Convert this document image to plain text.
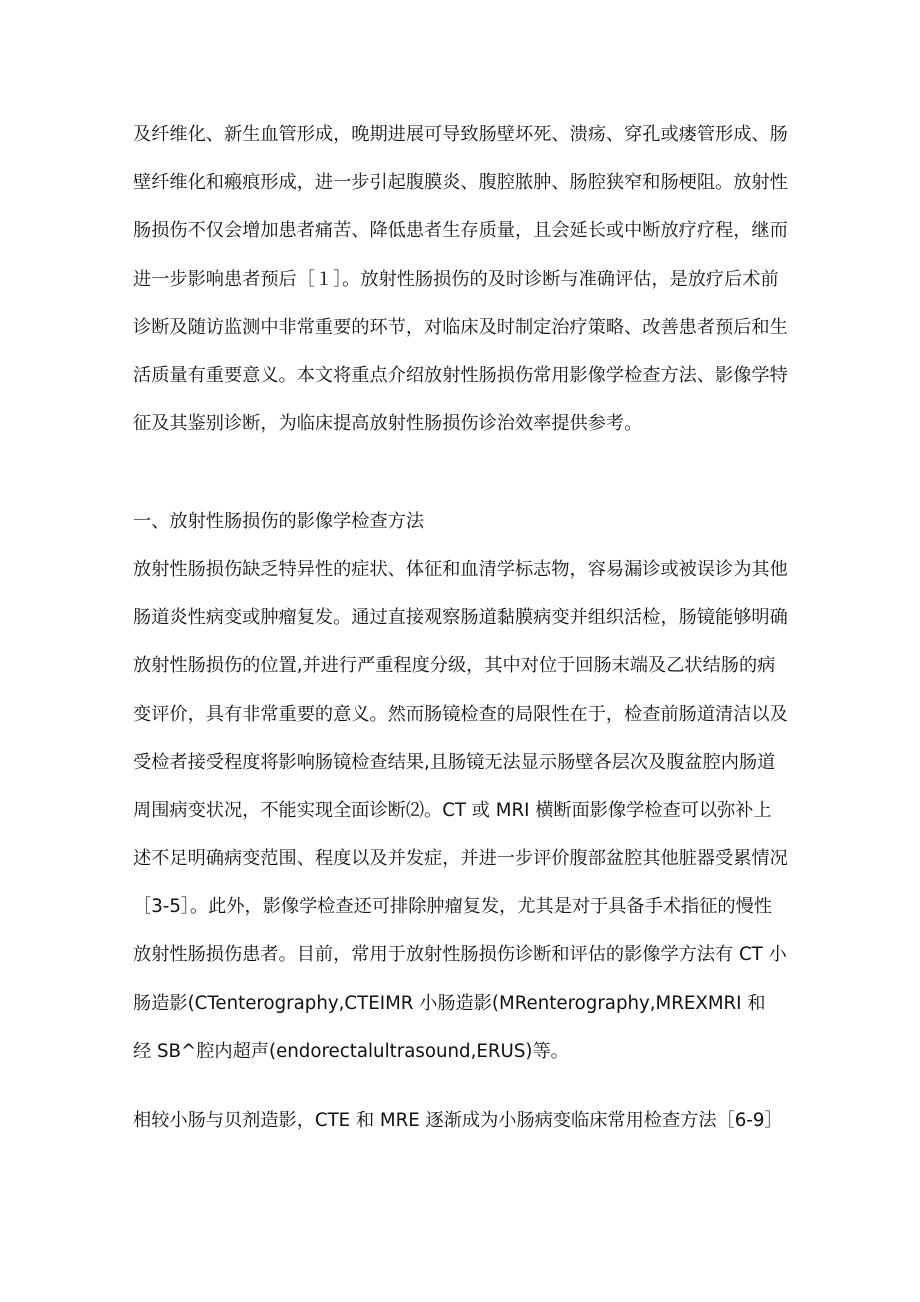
及纤维化、新生血管形成，晚期进展可导致肠壁坏死、溃疡、穿孔或瘘管形成、肠
壁纤维化和瘢痕形成，进一步引起腹膜炎、腹腔脓肿、肠腔狭窄和肠梗阻。放射性
肠损伤不仅会增加患者痛苦、降低患者生存质量，且会延长或中断放疗疗程，继而
进一步影响患者预后［１］。放射性肠损伤的及时诊断与准确评估，是放疗后术前
诊断及随访监测中非常重要的环节，对临床及时制定治疗策略、改善患者预后和生
活质量有重要意义。本文将重点介绍放射性肠损伤常用影像学检查方法、影像学特
征及其鉴别诊断，为临床提高放射性肠损伤诊治效率提供参考。
一、放射性肠损伤的影像学检查方法
放射性肠损伤缺乏特异性的症状、体征和血清学标志物，容易漏诊或被误诊为其他
肠道炎性病变或肿瘤复发。通过直接观察肠道黏膜病变并组织活检，肠镜能够明确
放射性肠损伤的位置,并进行严重程度分级，其中对位于回肠末端及乙状结肠的病
变评价，具有非常重要的意义。然而肠镜检查的局限性在于，检查前肠道清洁以及
受检者接受程度将影响肠镜检查结果,且肠镜无法显示肠壁各层次及腹盆腔内肠道
周围病变状况，不能实现全面诊断⑵。CT 或 MRI 横断面影像学检查可以弥补上
述不足明确病变范围、程度以及并发症，并进一步评价腹部盆腔其他脏器受累情况
［3-5］。此外，影像学检查还可排除肿瘤复发，尤其是对于具备手术指征的慢性
放射性肠损伤患者。目前，常用于放射性肠损伤诊断和评估的影像学方法有 CT 小
肠造影(CTenterography,CTEIMR 小肠造影(MRenterography,MREXMRI 和
经 SB^腔内超声(endorectalultrasound,ERUS)等。
相较小肠与贝剂造影，CTE 和 MRE 逐渐成为小肠病变临床常用检查方法［6-9］
